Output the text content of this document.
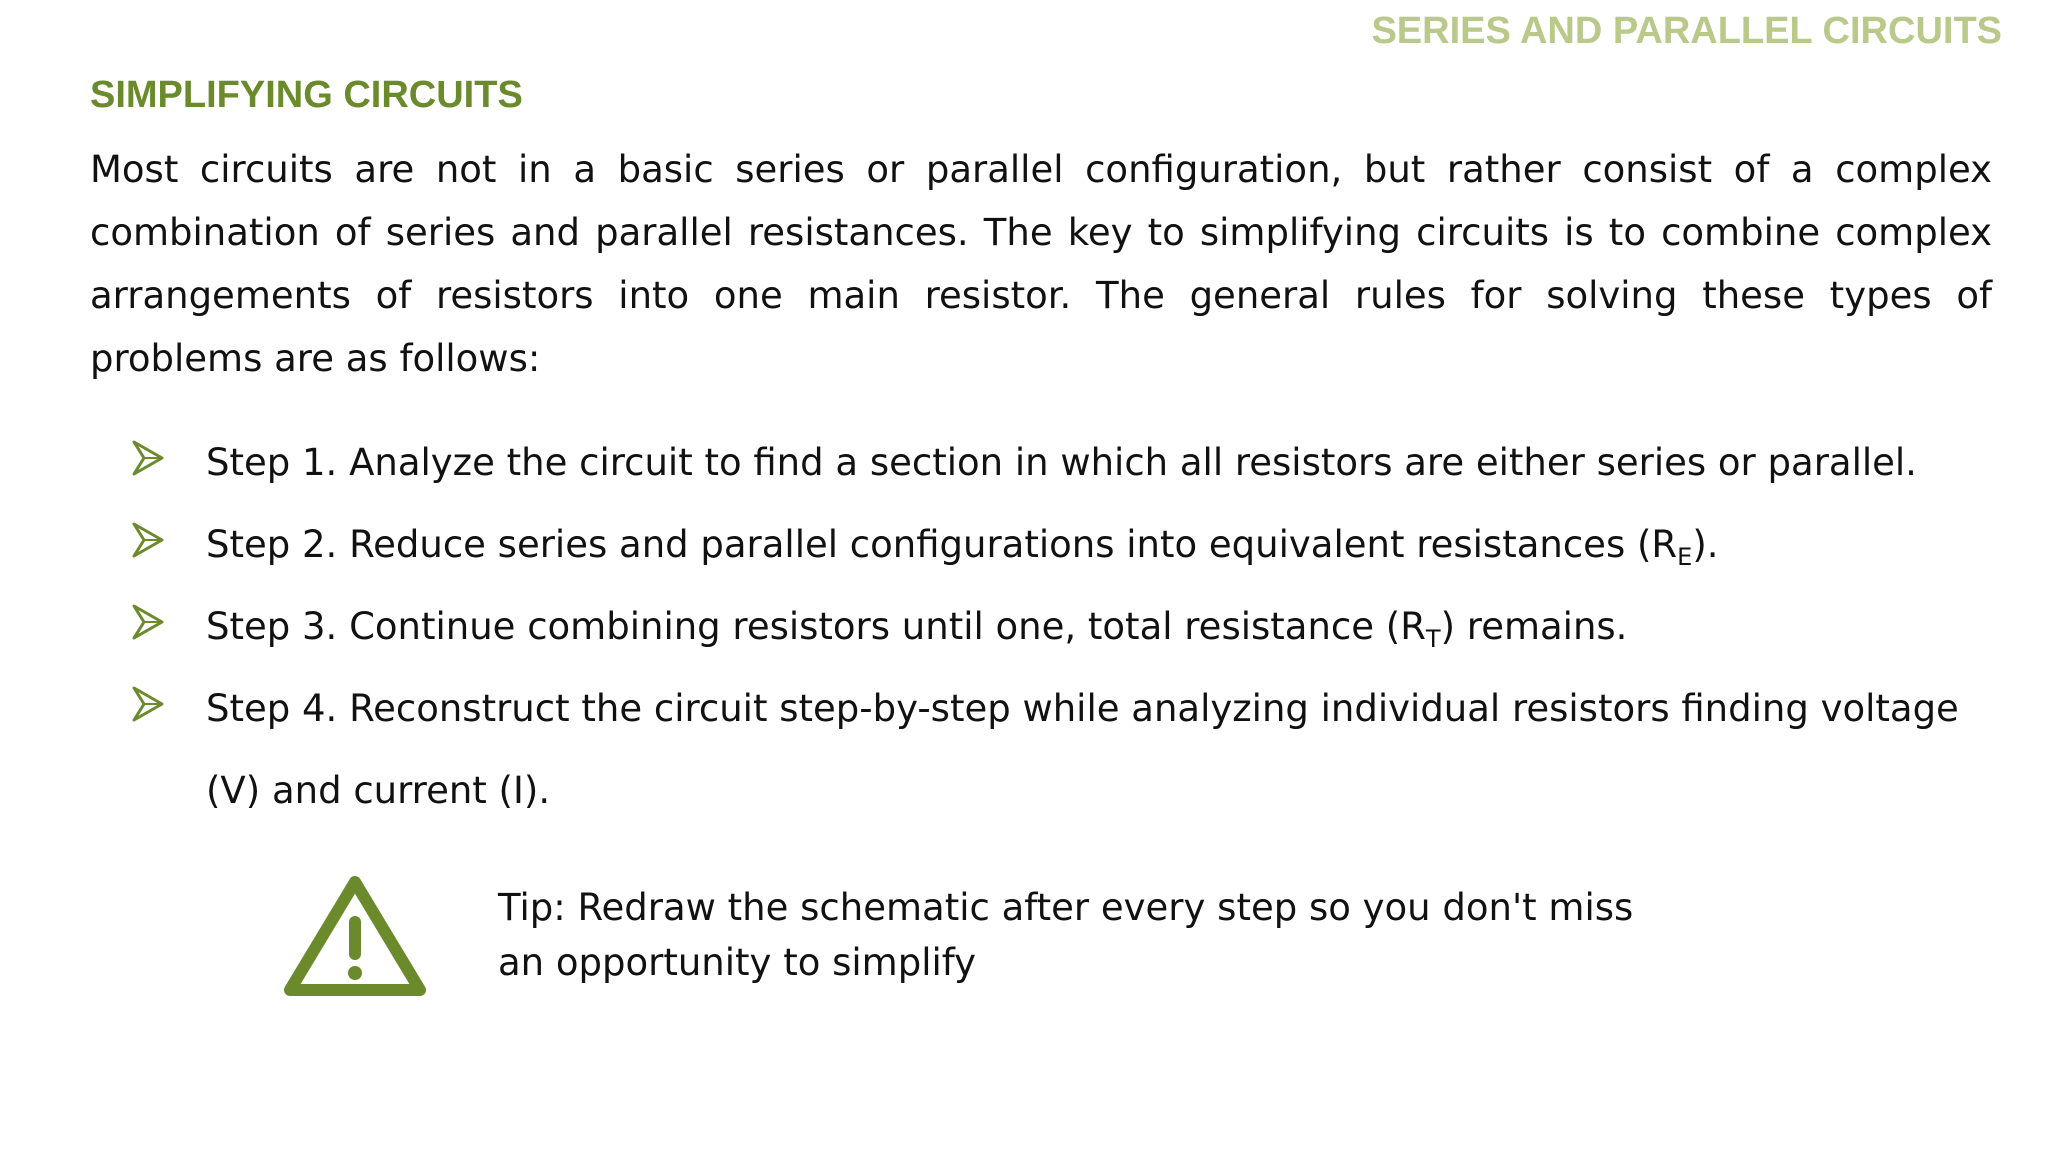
SERIES AND PARALLEL CIRCUITS
SIMPLIFYING CIRCUITS

Most circuits are not in a basic series or parallel configuration, but rather consist of a complex combination of series and parallel resistances. The key to simplifying circuits is to combine complex arrangements of resistors into one main resistor. The general rules for solving these types of problems are as follows:

Step 1. Analyze the circuit to find a section in which all resistors are either series or parallel.
Step 2. Reduce series and parallel configurations into equivalent resistances $(R_E)$.
Step 3. Continue combining resistors until one, total resistance $(R_T)$ remains.
Step 4. Reconstruct the circuit step-by-step while analyzing individual resistors finding voltage (V) and current (I).

Tip: Redraw the schematic after every step so you don't miss
an opportunity to simplify
